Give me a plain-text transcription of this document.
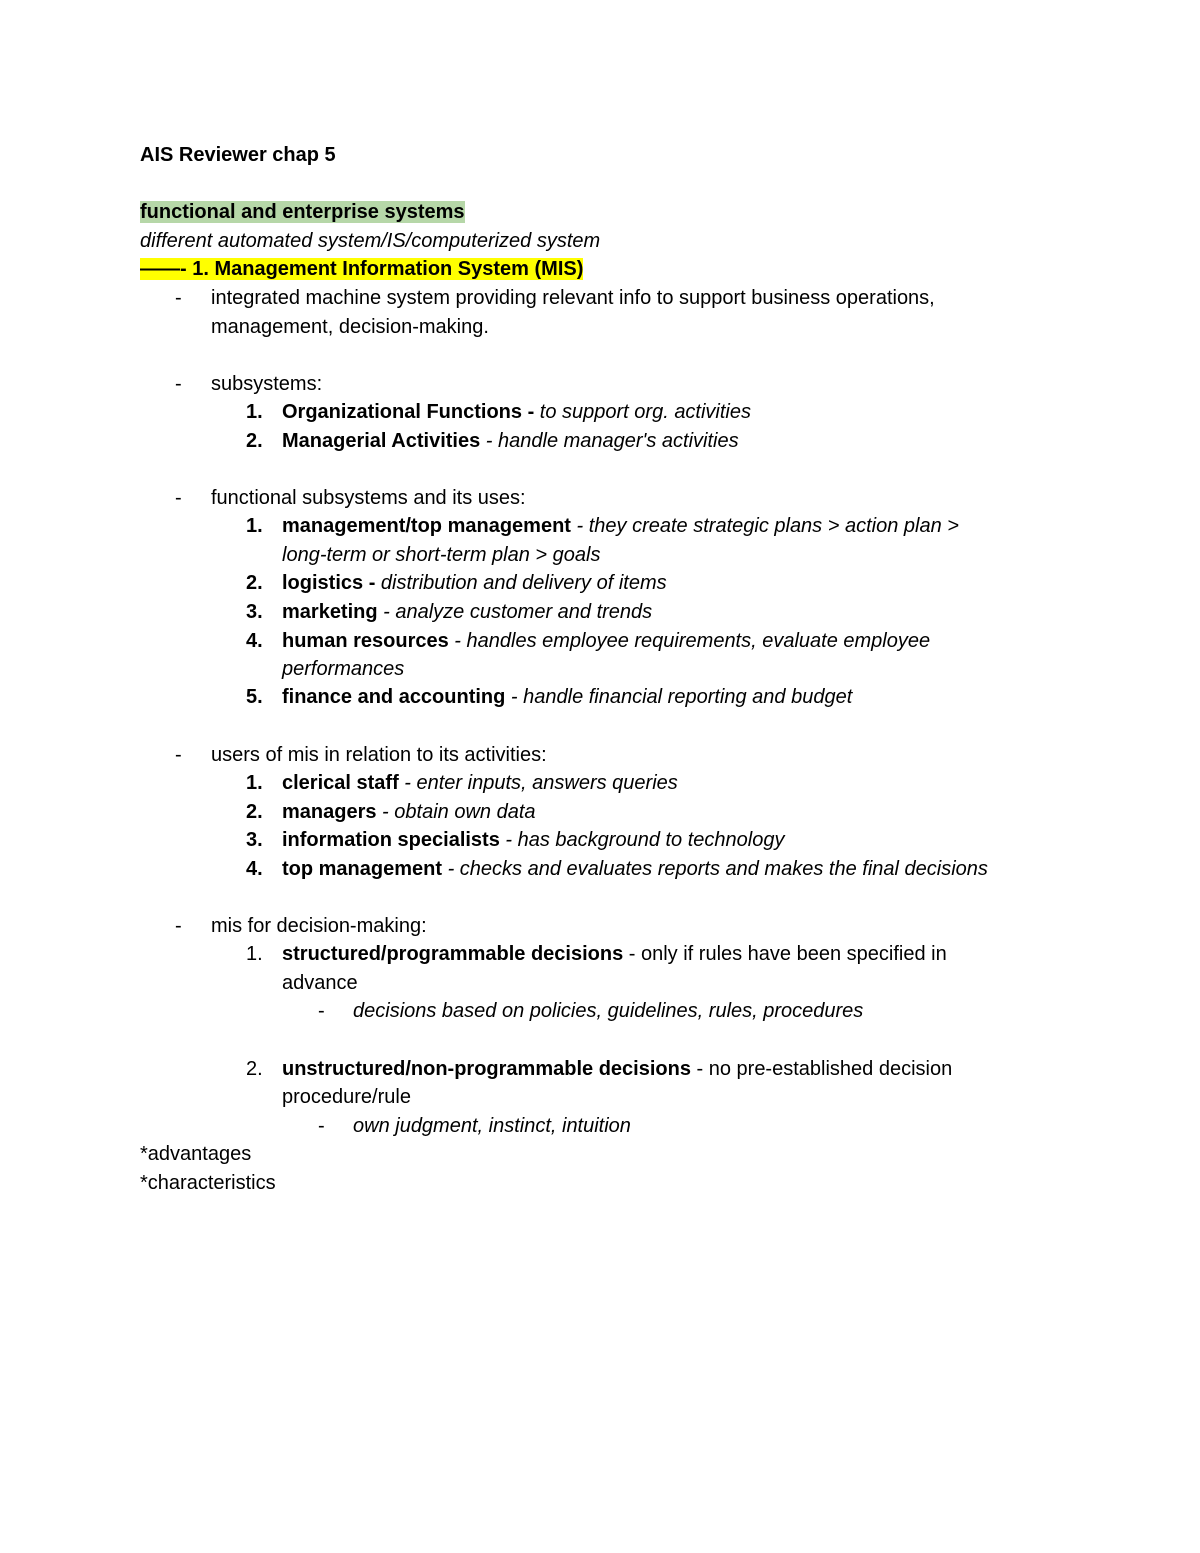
AIS Reviewer chap 5
functional and enterprise systems
different automated system/IS/computerized system
——- 1. Management Information System (MIS)
- integrated machine system providing relevant info to support business operations,
management, decision-making.
- subsystems:
1. Organizational Functions - to support org. activities
2. Managerial Activities - handle manager's activities
- functional subsystems and its uses:
1. management/top management - they create strategic plans > action plan >
long-term or short-term plan > goals
2. logistics - distribution and delivery of items
3. marketing - analyze customer and trends
4. human resources - handles employee requirements, evaluate employee
performances
5. finance and accounting - handle financial reporting and budget
- users of mis in relation to its activities:
1. clerical staff - enter inputs, answers queries
2. managers - obtain own data
3. information specialists - has background to technology
4. top management - checks and evaluates reports and makes the final decisions
- mis for decision-making:
1. structured/programmable decisions - only if rules have been specified in
advance
- decisions based on policies, guidelines, rules, procedures
2. unstructured/non-programmable decisions - no pre-established decision
procedure/rule
- own judgment, instinct, intuition
*advantages
*characteristics
